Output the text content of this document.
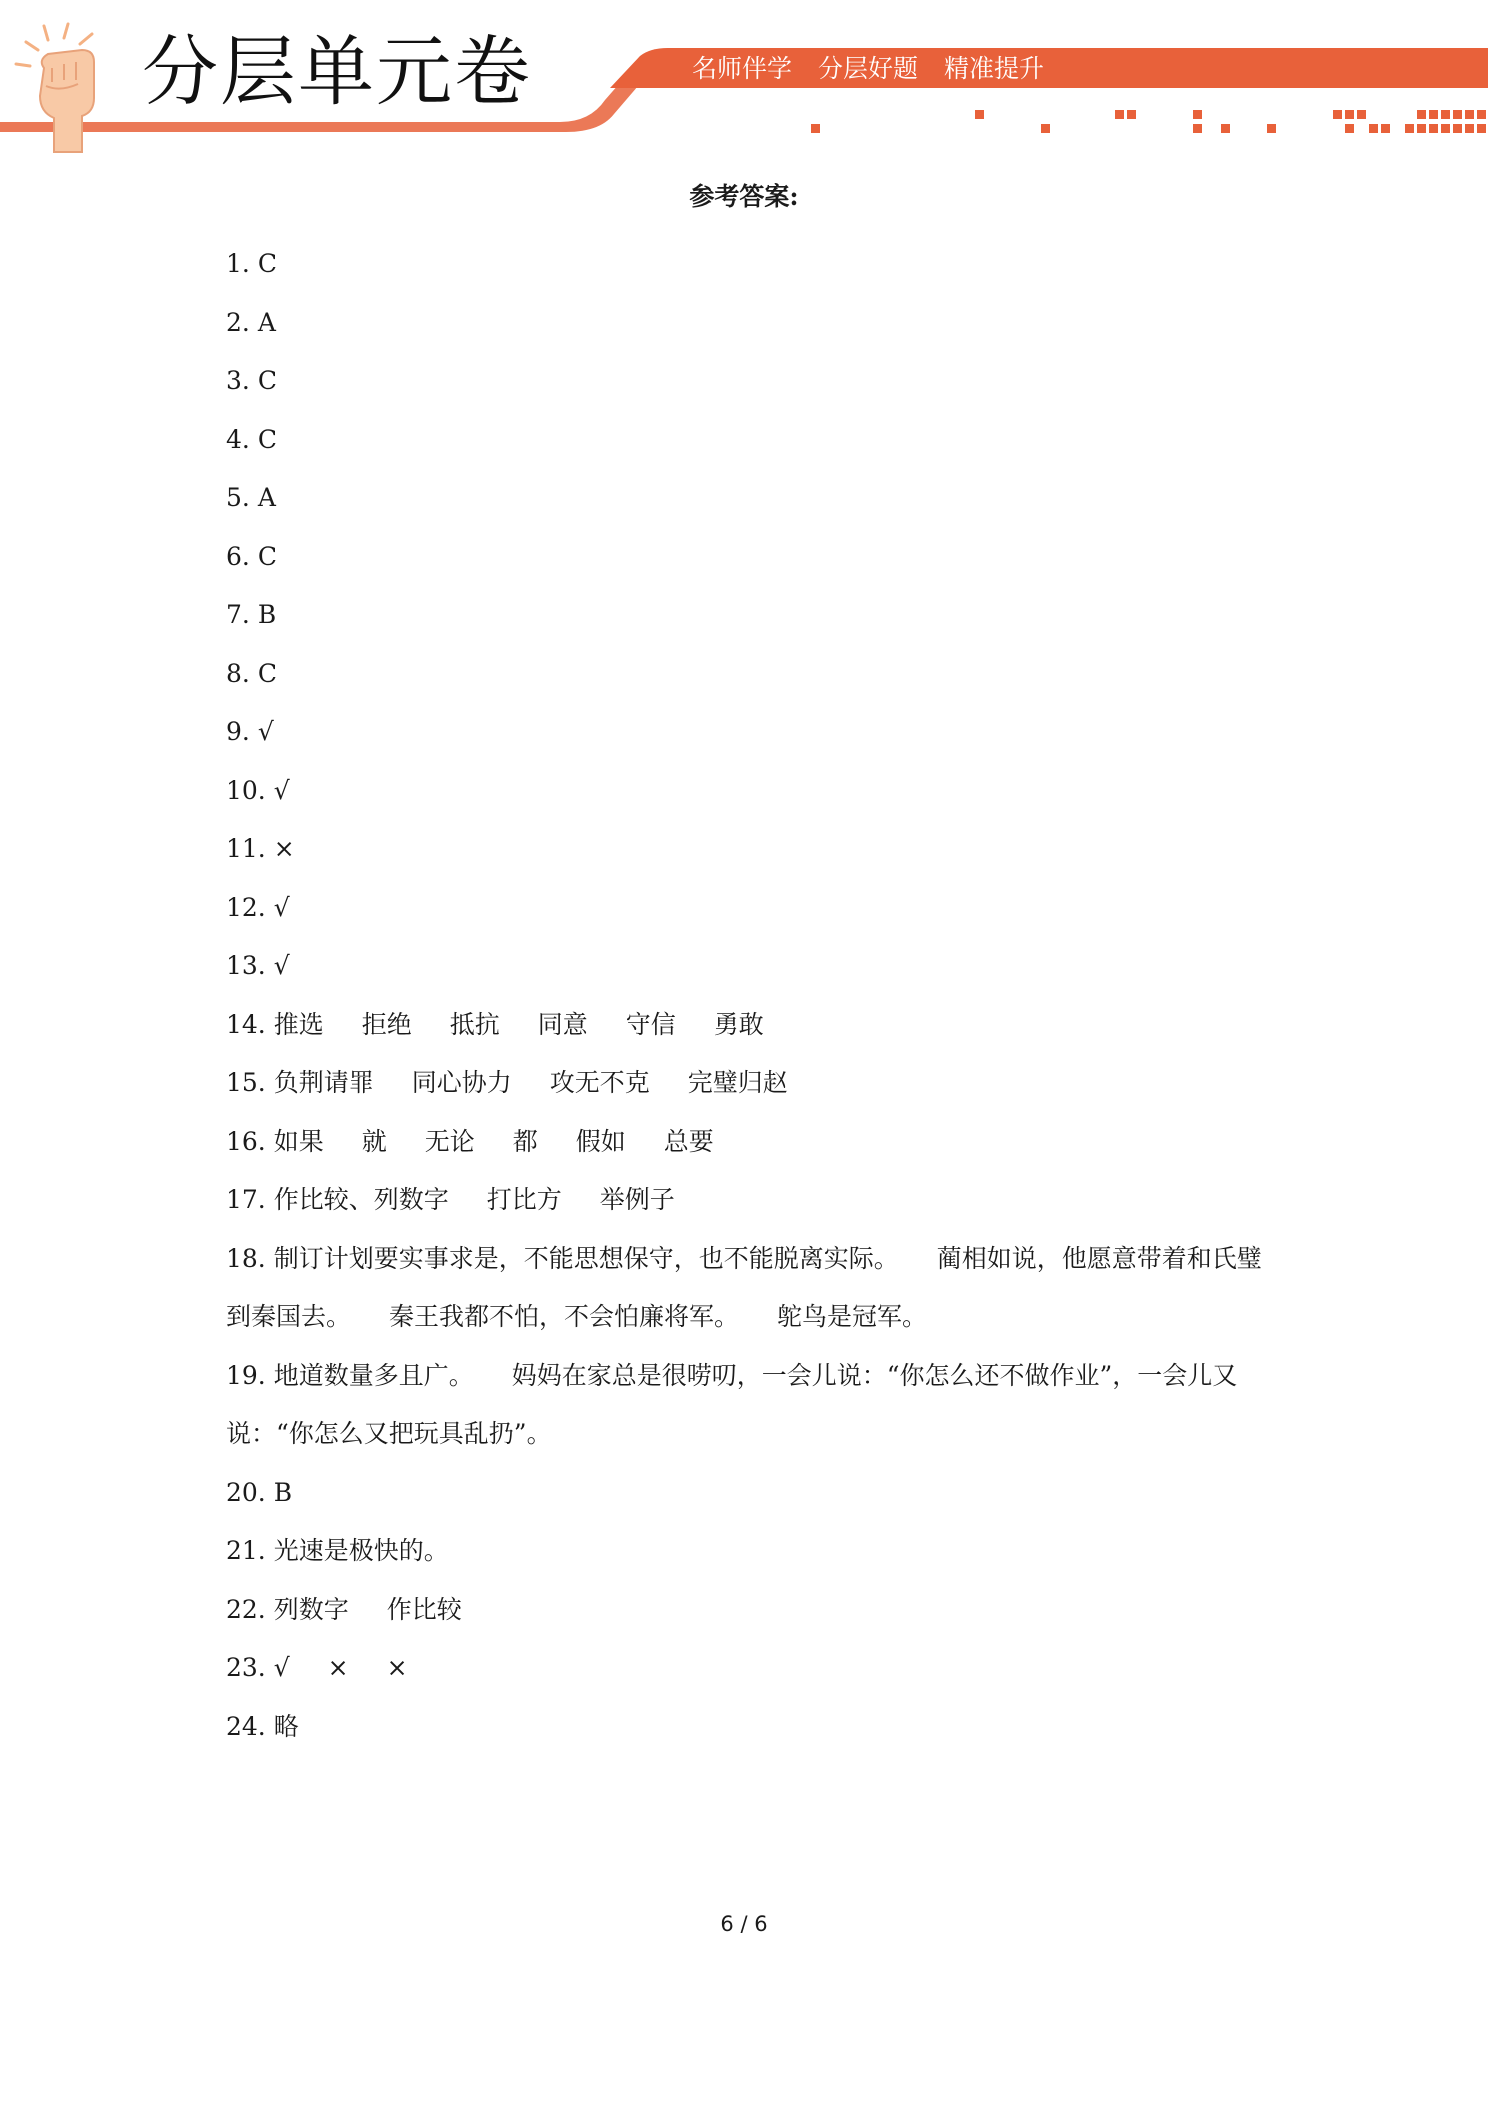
分层单元卷	名师伴学 分层好题 精准提升
参考答案:
1. C
2. A
3. C
4. C
5. A
6. C
7. B
8. C
9. √
10. √
11. ×
12. √
13. √
14. 推选 拒绝 抵抗 同意 守信 勇敢
15. 负荆请罪 同心协力 攻无不克 完璧归赵
16. 如果 就 无论 都 假如 总要
17. 作比较、列数字 打比方 举例子
18. 制订计划要实事求是，不能思想保守，也不能脱离实际。 蔺相如说，他愿意带着和氏璧到秦国去。 秦王我都不怕，不会怕廉将军。 鸵鸟是冠军。
19. 地道数量多且广。 妈妈在家总是很唠叨，一会儿说：“你怎么还不做作业”，一会儿又说：“你怎么又把玩具乱扔”。
20. B
21. 光速是极快的。
22. 列数字 作比较
23. √ × ×
24. 略
6 / 6
